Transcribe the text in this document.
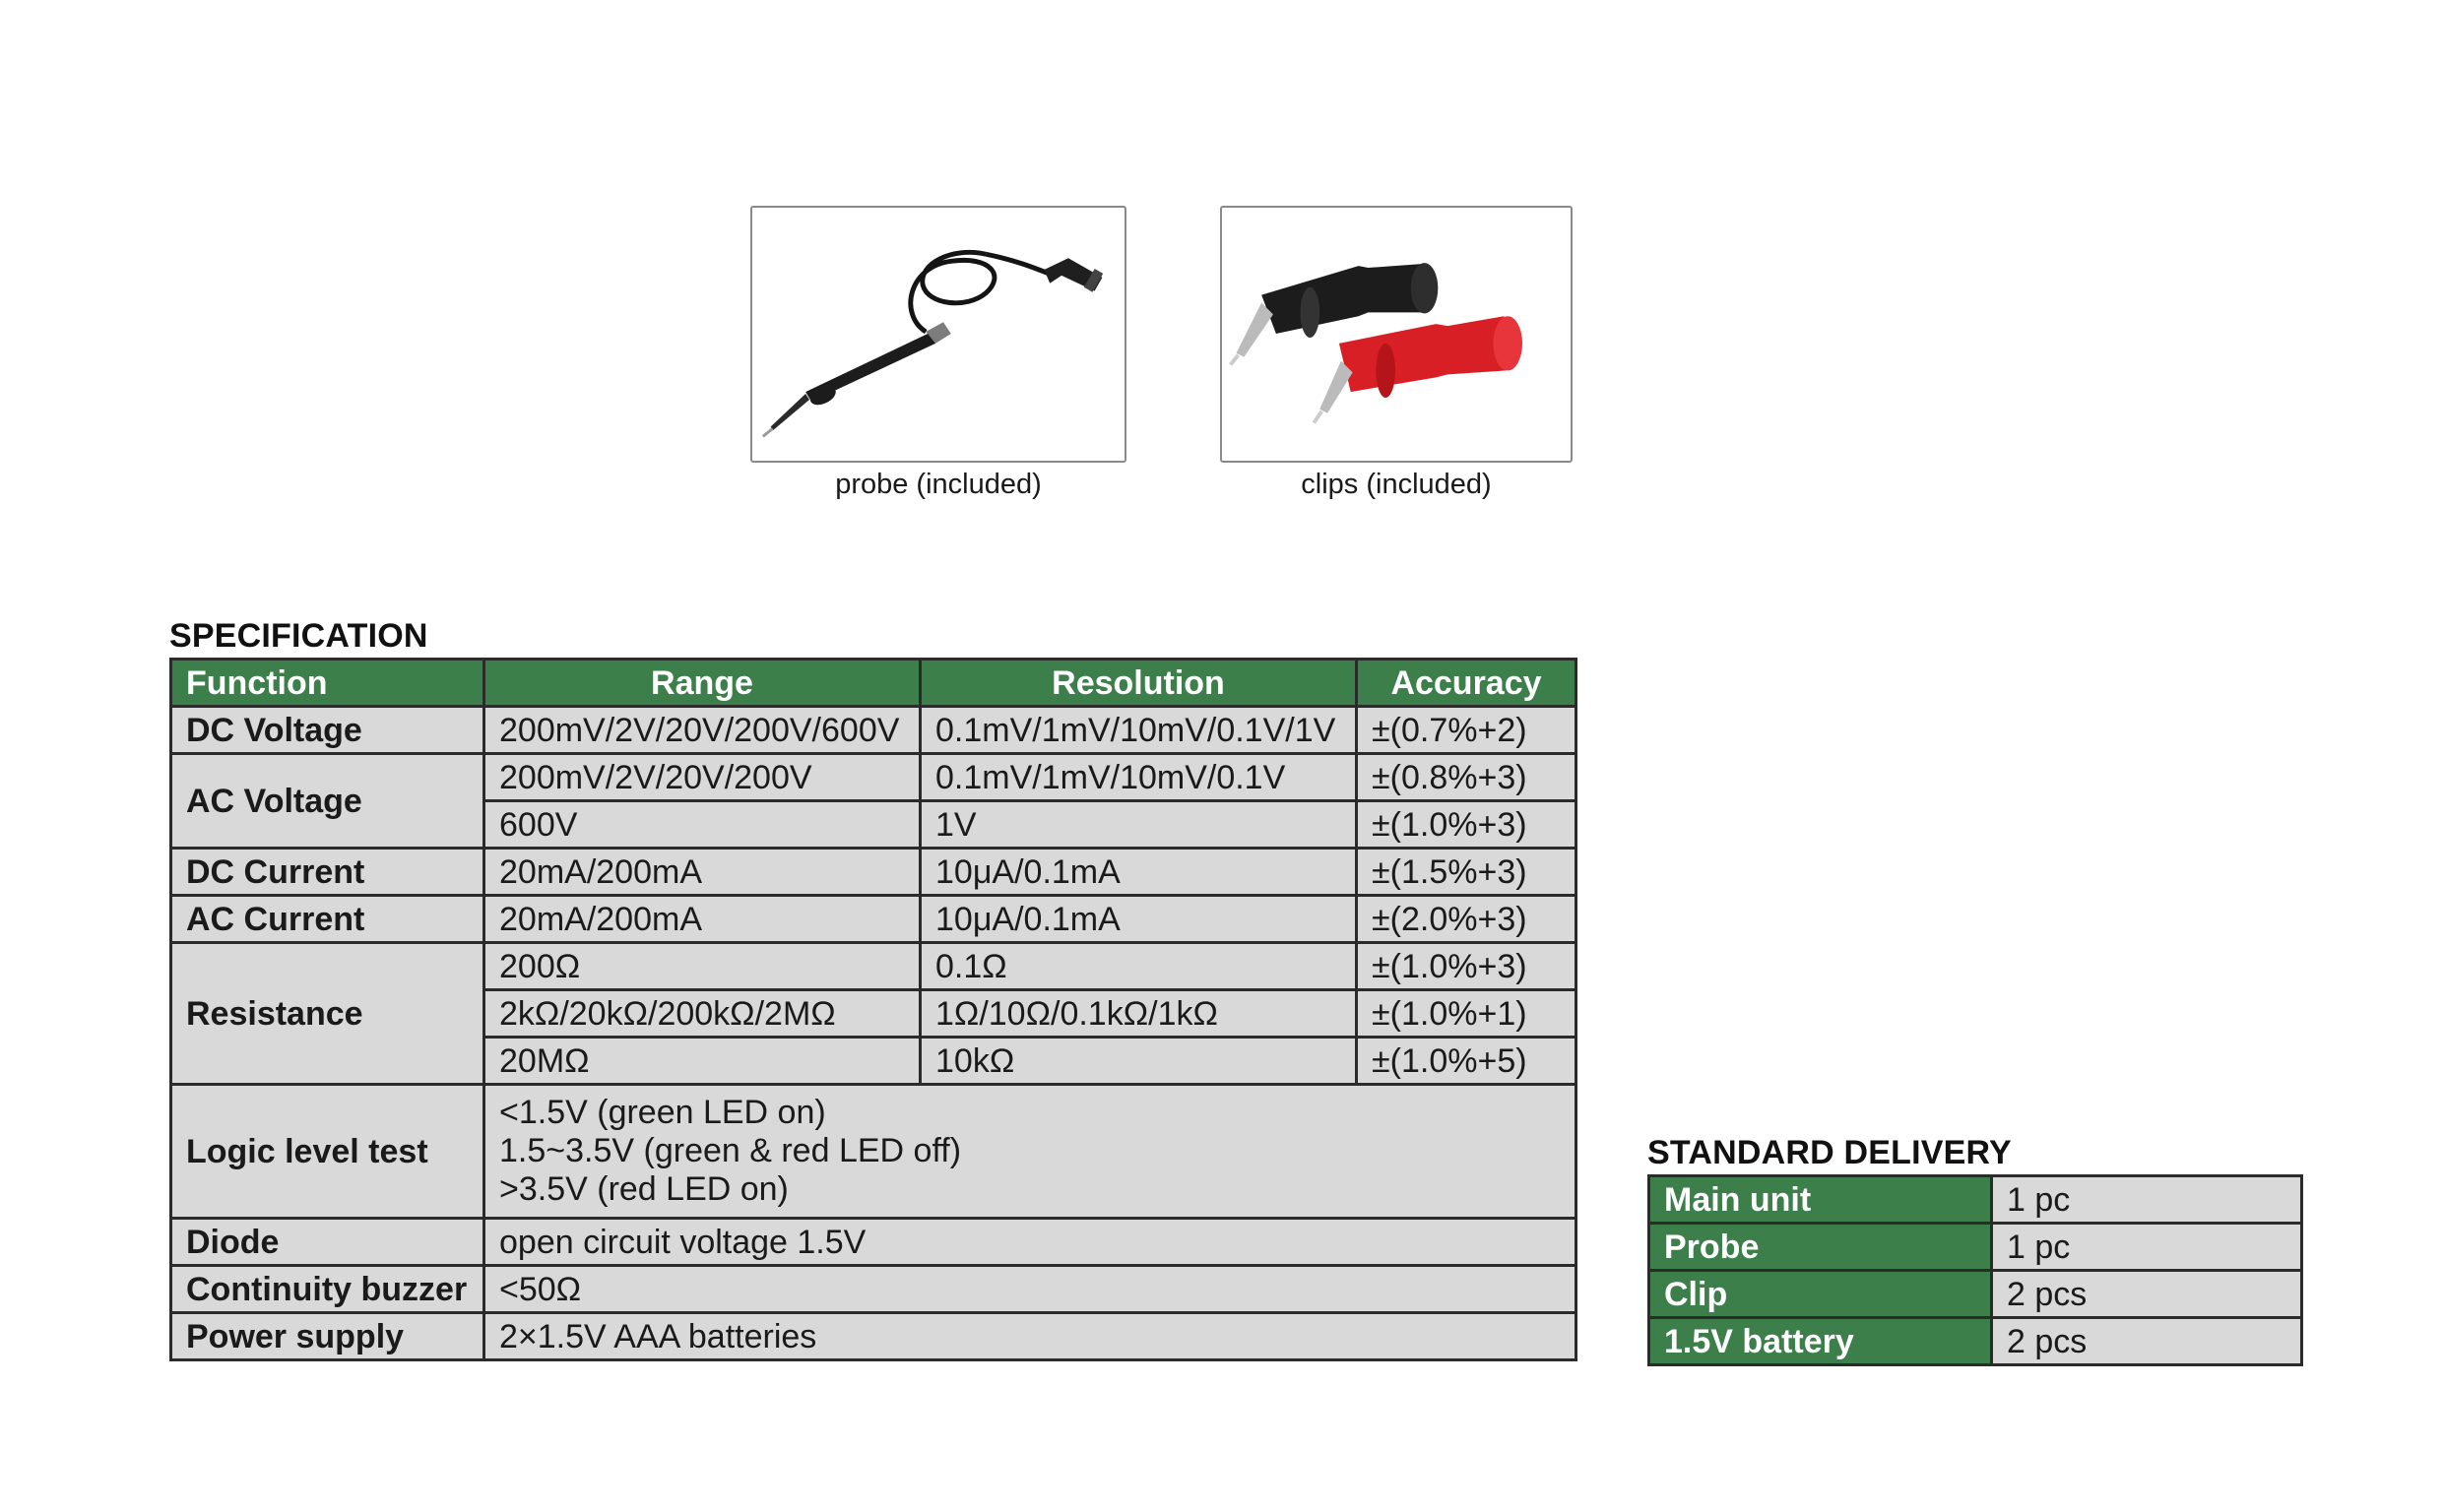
probe (included)	clips (included)
SPECIFICATION
Function	Range	Resolution	Accuracy
DC Voltage	200mV/2V/20V/200V/600V	0.1mV/1mV/10mV/0.1V/1V	±(0.7%+2)
AC Voltage	200mV/2V/20V/200V	0.1mV/1mV/10mV/0.1V	±(0.8%+3)
	600V	1V	±(1.0%+3)
DC Current	20mA/200mA	10μA/0.1mA	±(1.5%+3)
AC Current	20mA/200mA	10μA/0.1mA	±(2.0%+3)
Resistance	200Ω	0.1Ω	±(1.0%+3)
	2kΩ/20kΩ/200kΩ/2MΩ	1Ω/10Ω/0.1kΩ/1kΩ	±(1.0%+1)
	20MΩ	10kΩ	±(1.0%+5)
Logic level test	<1.5V (green LED on)
1.5~3.5V (green & red LED off)
>3.5V (red LED on)		

Diode	open circuit voltage 1.5V		
Continuity buzzer	<50Ω		
Power supply	2×1.5V AAA batteries		
STANDARD DELIVERY
Main unit	1 pc
Probe	1 pc
Clip	2 pcs
1.5V battery	2 pcs
